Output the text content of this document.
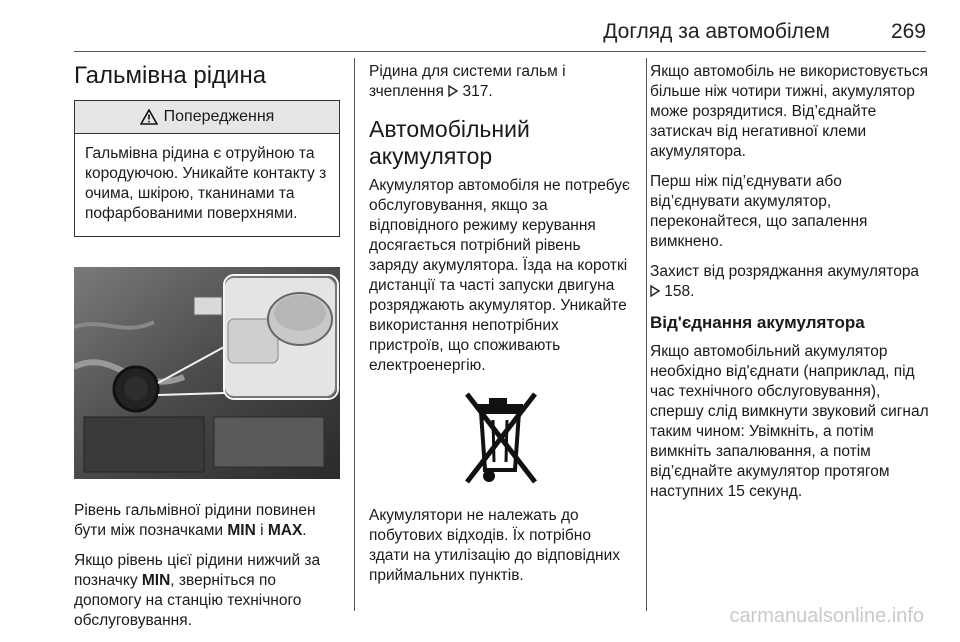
Догляд за автомобілем	269
Гальмівна рідина
Попередження
Гальмівна рідина є отруйною та кородуючою. Уникайте контакту з очима, шкірою, тканинами та пофарбованими поверхнями.

Рівень гальмівної рідини повинен бути між позначками MIN і MAX.

Якщо рівень цієї рідини нижчий за позначку MIN, зверніться по допомогу на станцію технічного обслуговування.

Рідина для системи гальм і зчеплення  317.

Автомобільний акумулятор

Акумулятор автомобіля не потребує обслуговування, якщо за відповідного режиму керування досягається потрібний рівень заряду акумулятора. Їзда на короткі дистанції та часті запуски двигуна розряджають акумулятор. Уникайте використання непотрібних пристроїв, що споживають електроенергію.

Акумулятори не належать до побутових відходів. Їх потрібно здати на утилізацію до відповідних приймальних пунктів.

Якщо автомобіль не використовується більше ніж чотири тижні, акумулятор може розрядитися. Від’єднайте затискач від негативної клеми акумулятора.

Перш ніж під’єднувати або від’єднувати акумулятор, переконайтеся, що запалення вимкнено.

Захист від розряджання акумулятора  158.

Від'єднання акумулятора

Якщо автомобільний акумулятор необхідно від'єднати (наприклад, під час технічного обслуговування), спершу слід вимкнути звуковий сигнал таким чином: Увімкніть, а потім вимкніть запалювання, а потім від’єднайте акумулятор протягом наступних 15 секунд.

carmanualsonline.info
